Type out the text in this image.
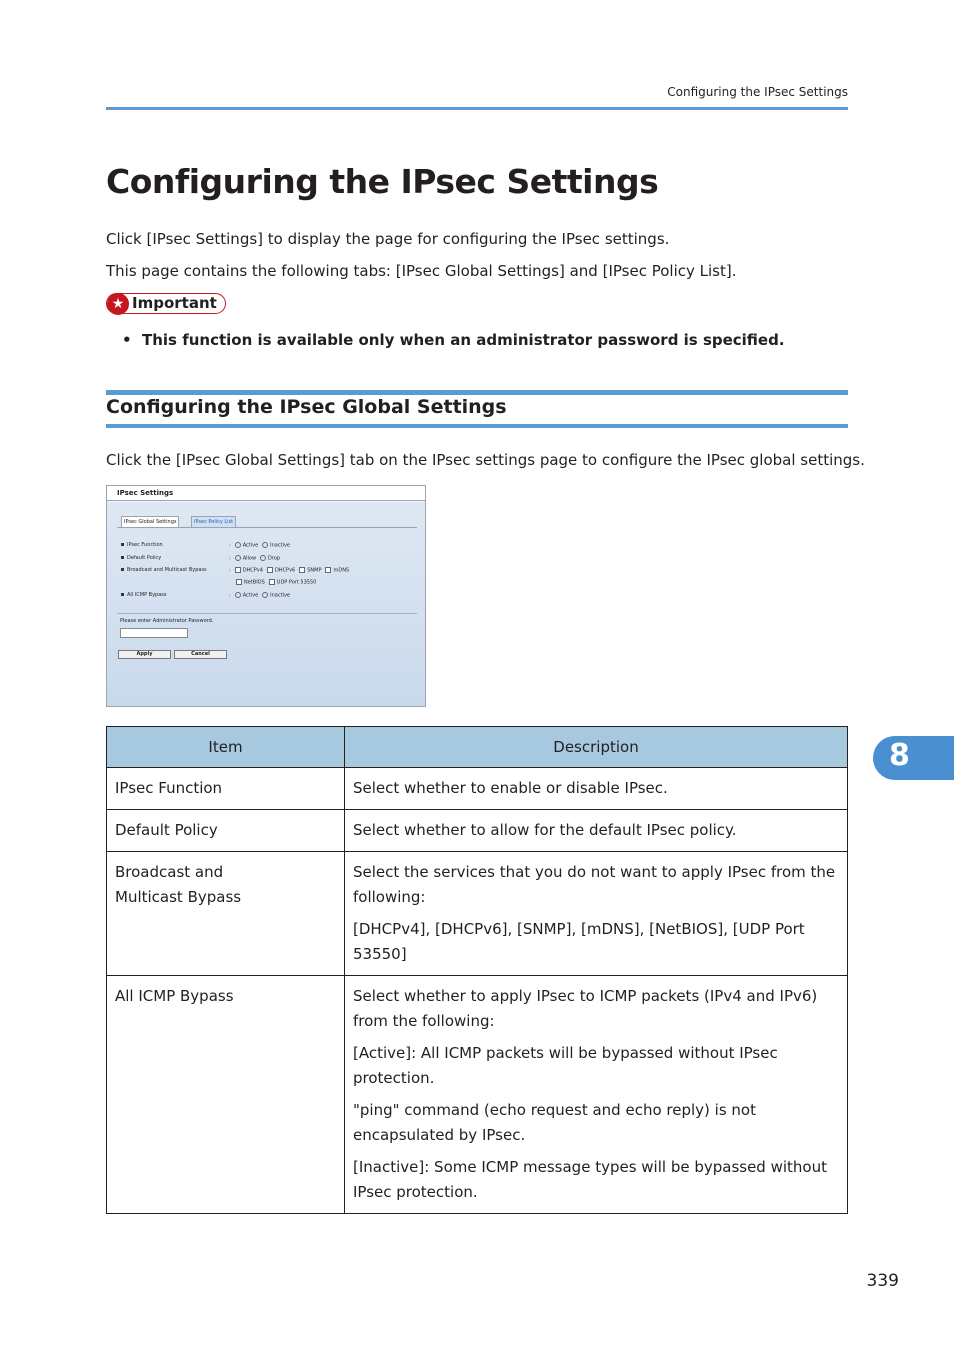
Configuring the IPsec Settings
Configuring the IPsec Settings

Click [IPsec Settings] to display the page for configuring the IPsec settings.

This page contains the following tabs: [IPsec Global Settings] and [IPsec Policy List].

★ Important
• This function is available only when an administrator password is specified.
Configuring the IPsec Global Settings

Click the [IPsec Global Settings] tab on the IPsec settings page to configure the IPsec global settings.

IPsec Settings
IPsec Global Settings	IPsec Policy List
IPsec Function	: Active Inactive
Default Policy	: Allow Drop
Broadcast and Multicast Bypass	: DHCPv4 DHCPv6 SNMP mDNS
NetBIOS UDP Port 53550
All ICMP Bypass	: Active Inactive
Please enter Administrator Password.
Apply	Cancel
Item	Description
IPsec Function	Select whether to enable or disable IPsec.

Default Policy	Select whether to allow for the default IPsec policy.

Broadcast and Multicast Bypass	Select the services that you do not want to apply IPsec from the following:

[DHCPv4], [DHCPv6], [SNMP], [mDNS], [NetBIOS], [UDP Port 53550]

All ICMP Bypass	Select whether to apply IPsec to ICMP packets (IPv4 and IPv6) from the following:

[Active]: All ICMP packets will be bypassed without IPsec protection.

"ping" command (echo request and echo reply) is not encapsulated by IPsec.

[Inactive]: Some ICMP message types will be bypassed without IPsec protection.

8
339
